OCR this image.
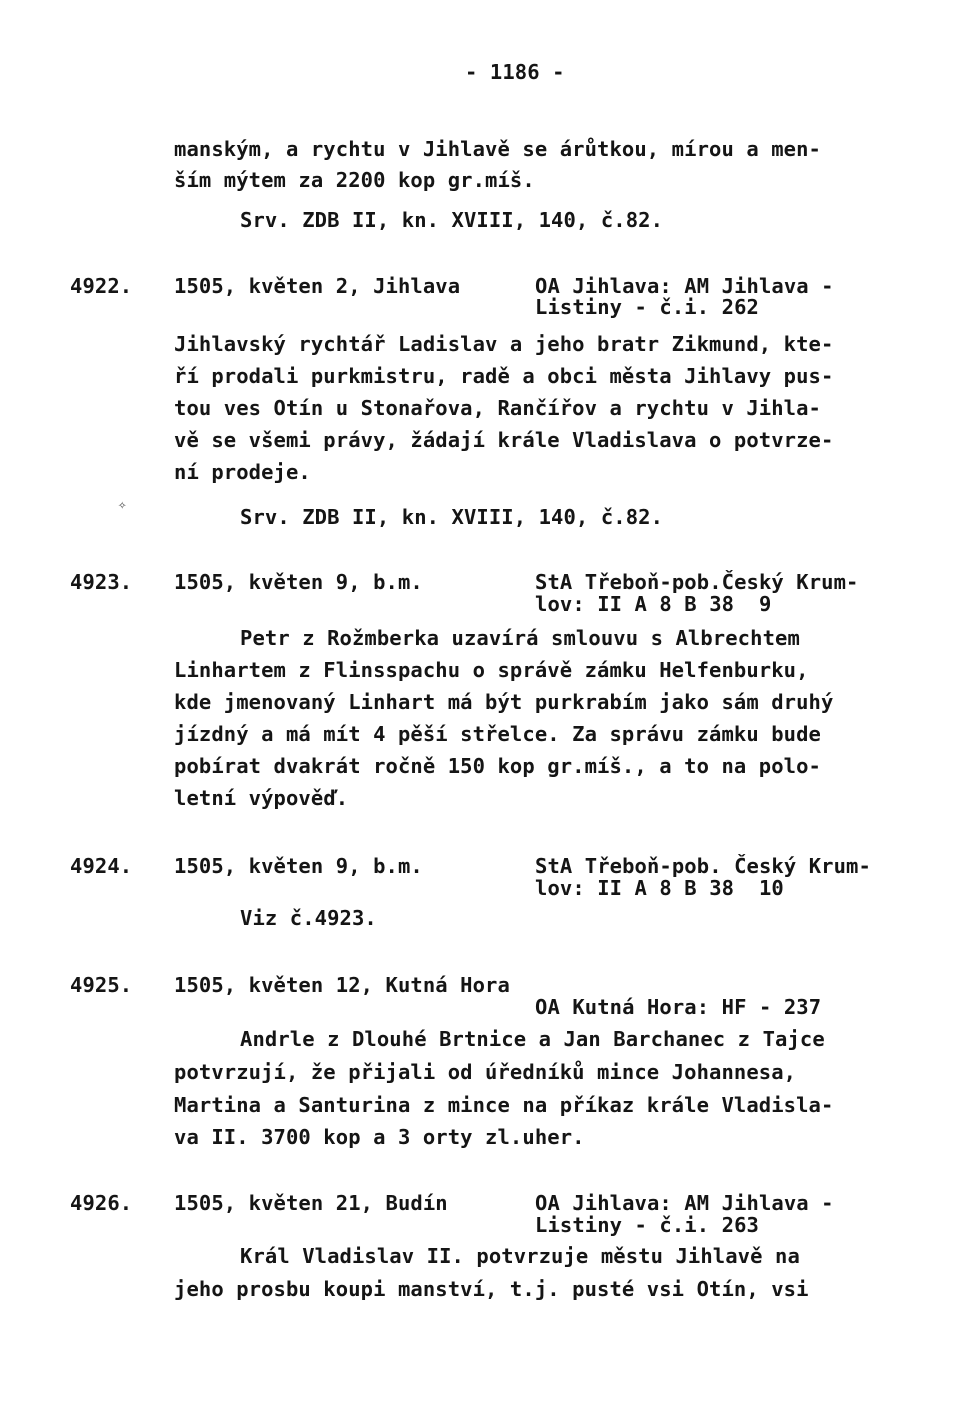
- 1186 -
manským, a rychtu v Jihlavě se árůtkou, mírou a men-
ším mýtem za 2200 kop gr.míš.
Srv. ZDB II, kn. XVIII, 140, č.82.
4922. 1505, květen 2, Jihlava	OA Jihlava: AM Jihlava -
Listiny - č.i. 262
Jihlavský rychtář Ladislav a jeho bratr Zikmund, kte-
ří prodali purkmistru, radě a obci města Jihlavy pus-
tou ves Otín u Stonařova, Rančířov a rychtu v Jihla-
vě se všemi právy, žádají krále Vladislava o potvrze-
ní prodeje.
✧	Srv. ZDB II, kn. XVIII, 140, č.82.
4923. 1505, květen 9, b.m.	StA Třeboň-pob.Český Krum-
lov: II A 8 B 38  9
Petr z Rožmberka uzavírá smlouvu s Albrechtem
Linhartem z Flinsspachu o správě zámku Helfenburku,
kde jmenovaný Linhart má být purkrabím jako sám druhý
jízdný a má mít 4 pěší střelce. Za správu zámku bude
pobírat dvakrát ročně 150 kop gr.míš., a to na polo-
letní výpověď.
4924. 1505, květen 9, b.m.	StA Třeboň-pob. Český Krum-
lov: II A 8 B 38  10
Viz č.4923.
4925. 1505, květen 12, Kutná Hora
OA Kutná Hora: HF - 237
Andrle z Dlouhé Brtnice a Jan Barchanec z Tajce
potvrzují, že přijali od úředníků mince Johannesa,
Martina a Santurina z mince na příkaz krále Vladisla-
va II. 3700 kop a 3 orty zl.uher.
4926. 1505, květen 21, Budín	OA Jihlava: AM Jihlava -
Listiny - č.i. 263
Král Vladislav II. potvrzuje městu Jihlavě na
jeho prosbu koupi manství, t.j. pusté vsi Otín, vsi
